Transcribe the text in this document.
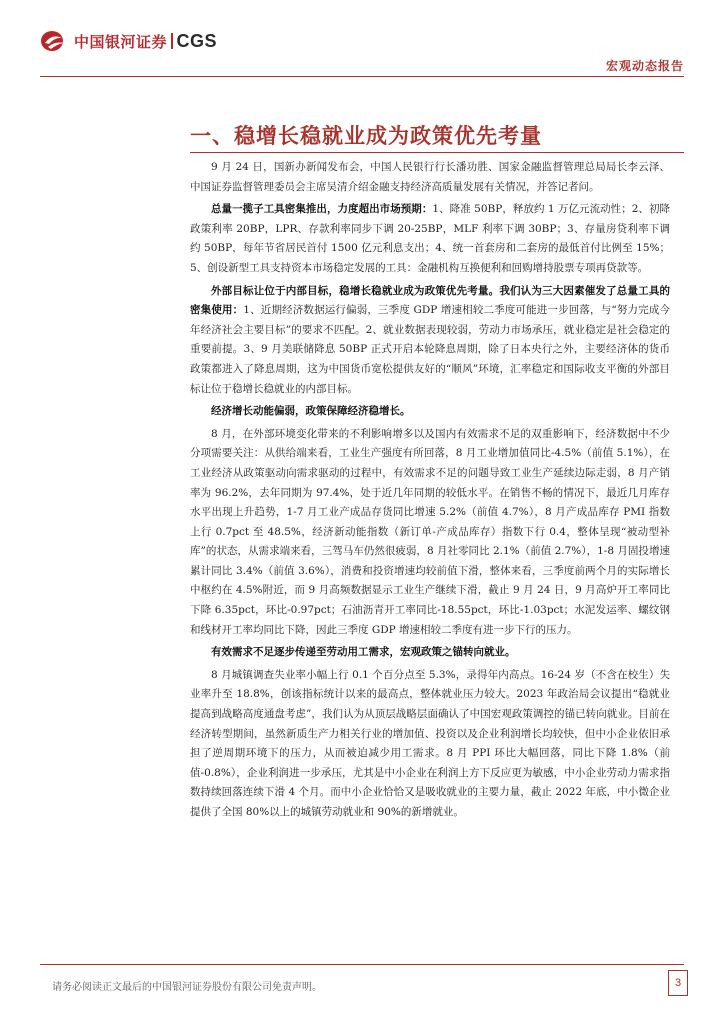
中国银河证券 CGS
宏观动态报告
一、稳增长稳就业成为政策优先考量

9 月 24 日，国新办新闻发布会，中国人民银行行长潘功胜、国家金融监督管理总局局长李云泽、中国证券监督管理委员会主席吴清介绍金融支持经济高质量发展有关情况，并答记者问。

总量一揽子工具密集推出，力度超出市场预期：1、降准 50BP，释放约 1 万亿元流动性；2、初降政策利率 20BP，LPR、存款利率同步下调 20-25BP，MLF 利率下调 30BP；3、存量房贷利率下调约 50BP，每年节省居民首付 1500 亿元利息支出；4、统一首套房和二套房的最低首付比例至 15%；5、创设新型工具支持资本市场稳定发展的工具：金融机构互换便利和回购增持股票专项再贷款等。

外部目标让位于内部目标，稳增长稳就业成为政策优先考量。我们认为三大因素催发了总量工具的密集使用：1、近期经济数据运行偏弱，三季度 GDP 增速相较二季度可能进一步回落，与“努力完成今年经济社会主要目标”的要求不匹配。2、就业数据表现较弱，劳动力市场承压，就业稳定是社会稳定的重要前提。3、9 月美联储降息 50BP 正式开启本轮降息周期，除了日本央行之外，主要经济体的货币政策都进入了降息周期，这为中国货币宽松提供友好的“顺风”环境，汇率稳定和国际收支平衡的外部目标让位于稳增长稳就业的内部目标。

经济增长动能偏弱，政策保障经济稳增长。

8 月，在外部环境变化带来的不利影响增多以及国内有效需求不足的双重影响下，经济数据中不少分项需要关注：从供给端来看，工业生产强度有所回落，8 月工业增加值同比-4.5%（前值 5.1%），在工业经济从政策驱动向需求驱动的过程中，有效需求不足的问题导致工业生产延续边际走弱，8 月产销率为 96.2%，去年同期为 97.4%，处于近几年同期的较低水平。在销售不畅的情况下，最近几月库存水平出现上升趋势，1-7 月工业产成品存货同比增速 5.2%（前值 4.7%），8 月产成品库存 PMI 指数上行 0.7pct 至 48.5%，经济新动能指数（新订单-产成品库存）指数下行 0.4，整体呈现“被动型补库”的状态，从需求端来看，三驾马车仍然很疲弱，8 月社零同比 2.1%（前值 2.7%），1-8 月固投增速累计同比 3.4%（前值 3.6%），消费和投资增速均较前值下滑，整体来看，三季度前两个月的实际增长中枢约在 4.5%附近，而 9 月高频数据显示工业生产继续下滑，截止 9 月 24 日，9 月高炉开工率同比下降 6.35pct，环比-0.97pct；石油沥青开工率同比-18.55pct，环比-1.03pct；水泥发运率、螺纹钢和线材开工率均同比下降，因此三季度 GDP 增速相较二季度有进一步下行的压力。

有效需求不足逐步传递至劳动用工需求，宏观政策之锚转向就业。

8 月城镇调查失业率小幅上行 0.1 个百分点至 5.3%，录得年内高点。16-24 岁（不含在校生）失业率升至 18.8%，创该指标统计以来的最高点，整体就业压力较大。2023 年政治局会议提出“稳就业提高到战略高度通盘考虑”，我们认为从顶层战略层面确认了中国宏观政策调控的锚已转向就业。目前在经济转型期间，虽然新质生产力相关行业的增加值、投资以及企业利润增长均较快，但中小企业依旧承担了逆周期环境下的压力，从而被迫减少用工需求。8 月 PPI 环比大幅回落，同比下降 1.8%（前值-0.8%），企业利润进一步承压，尤其是中小企业在利润上方下反应更为敏感，中小企业劳动力需求指数持续回落连续下滑 4 个月。而中小企业恰恰又是吸收就业的主要力量，截止 2022 年底，中小微企业提供了全国 80%以上的城镇劳动就业和 90%的新增就业。

请务必阅读正文最后的中国银河证券股份有限公司免责声明。	3
